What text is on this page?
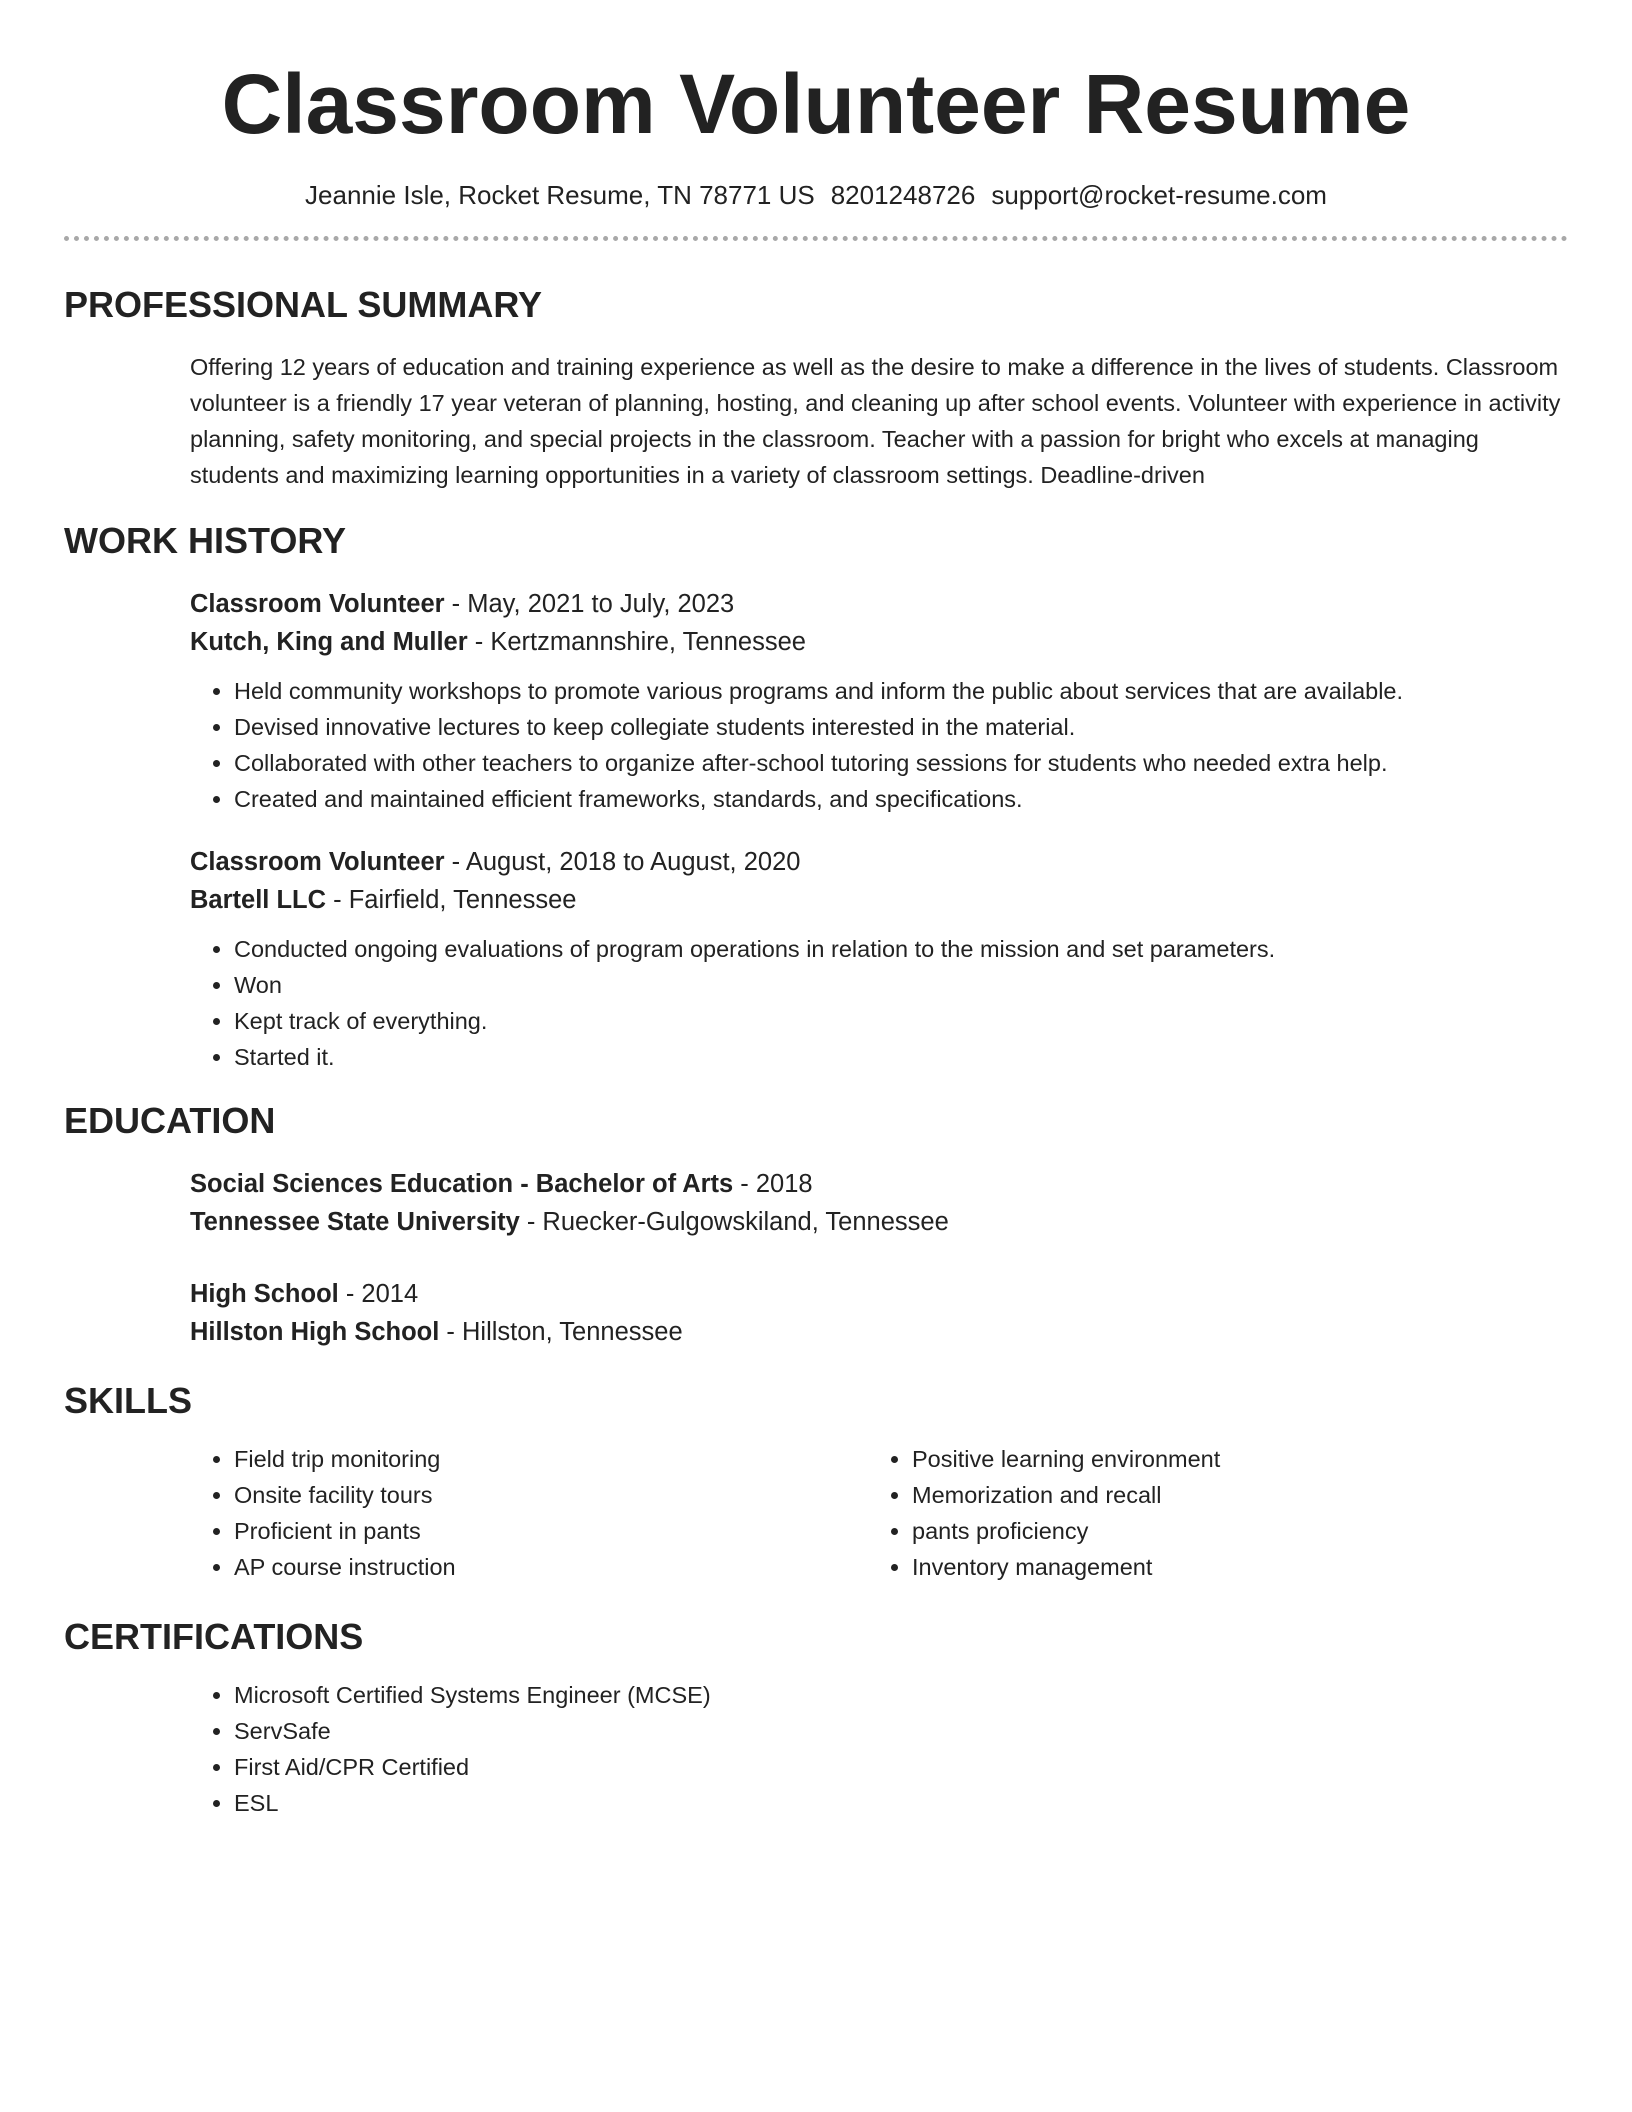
Classroom Volunteer Resume
Jeannie Isle, Rocket Resume, TN 78771 US 8201248726 support@rocket-resume.com
PROFESSIONAL SUMMARY

Offering 12 years of education and training experience as well as the desire to make a difference in the lives of students. Classroom volunteer is a friendly 17 year veteran of planning, hosting, and cleaning up after school events. Volunteer with experience in activity planning, safety monitoring, and special projects in the classroom. Teacher with a passion for bright who excels at managing students and maximizing learning opportunities in a variety of classroom settings. Deadline-driven

WORK HISTORY
Classroom Volunteer - May, 2021 to July, 2023
Kutch, King and Muller - Kertzmannshire, Tennessee
• Held community workshops to promote various programs and inform the public about services that are available.
• Devised innovative lectures to keep collegiate students interested in the material.
• Collaborated with other teachers to organize after-school tutoring sessions for students who needed extra help.
• Created and maintained efficient frameworks, standards, and specifications.
Classroom Volunteer - August, 2018 to August, 2020
Bartell LLC - Fairfield, Tennessee
• Conducted ongoing evaluations of program operations in relation to the mission and set parameters.
• Won
• Kept track of everything.
• Started it.
EDUCATION
Social Sciences Education - Bachelor of Arts - 2018
Tennessee State University - Ruecker-Gulgowskiland, Tennessee
High School - 2014
Hillston High School - Hillston, Tennessee
SKILLS
• Field trip monitoring
• Onsite facility tours
• Proficient in pants
• AP course instruction
• Positive learning environment
• Memorization and recall
• pants proficiency
• Inventory management
CERTIFICATIONS
• Microsoft Certified Systems Engineer (MCSE)
• ServSafe
• First Aid/CPR Certified
• ESL
